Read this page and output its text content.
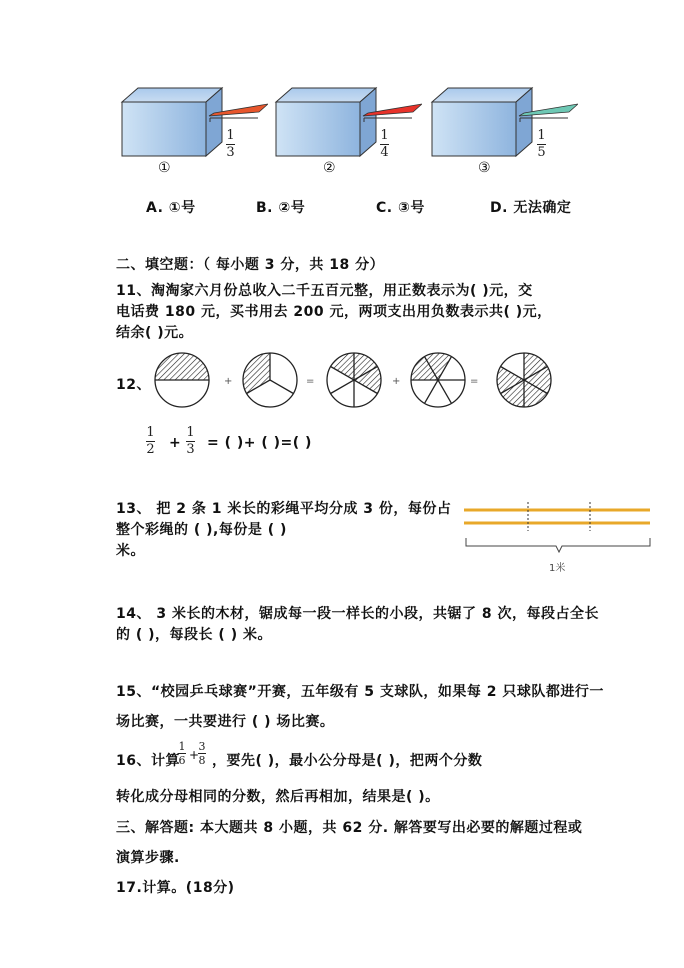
1
3
①
1
4
②
1
5
③
A. ①号	B. ②号	C. ③号	D. 无法确定
二、填空题：（ 每小题 3 分，共 18 分）
11、淘淘家六月份总收入二千五百元整，用正数表示为( )元，交
电话费 180 元，买书用去 200 元，两项支出用负数表示共( )元，
结余( )元。
12、	+	=	+	=
1
2 +
1
3 = ( )+ ( )=( )
13、 把 2 条 1 米长的彩绳平均分成 3 份，每份占
整个彩绳的 ( ),每份是 ( )
米。
1米
14、 3 米长的木材，锯成每一段一样长的小段，共锯了 8 次，每段占全长
的 ( )，每段长 ( ) 米。
15、“校园乒乓球赛”开赛，五年级有 5 支球队，如果每 2 只球队都进行一
场比赛，一共要进行 ( ) 场比赛。
16、计算
1
6 +
3
8 ，要先( )，最小公分母是( )，把两个分数
转化成分母相同的分数，然后再相加，结果是( )。
三、解答题: 本大题共 8 小题，共 62 分. 解答要写出必要的解题过程或
演算步骤.
17.计算。(18分)
